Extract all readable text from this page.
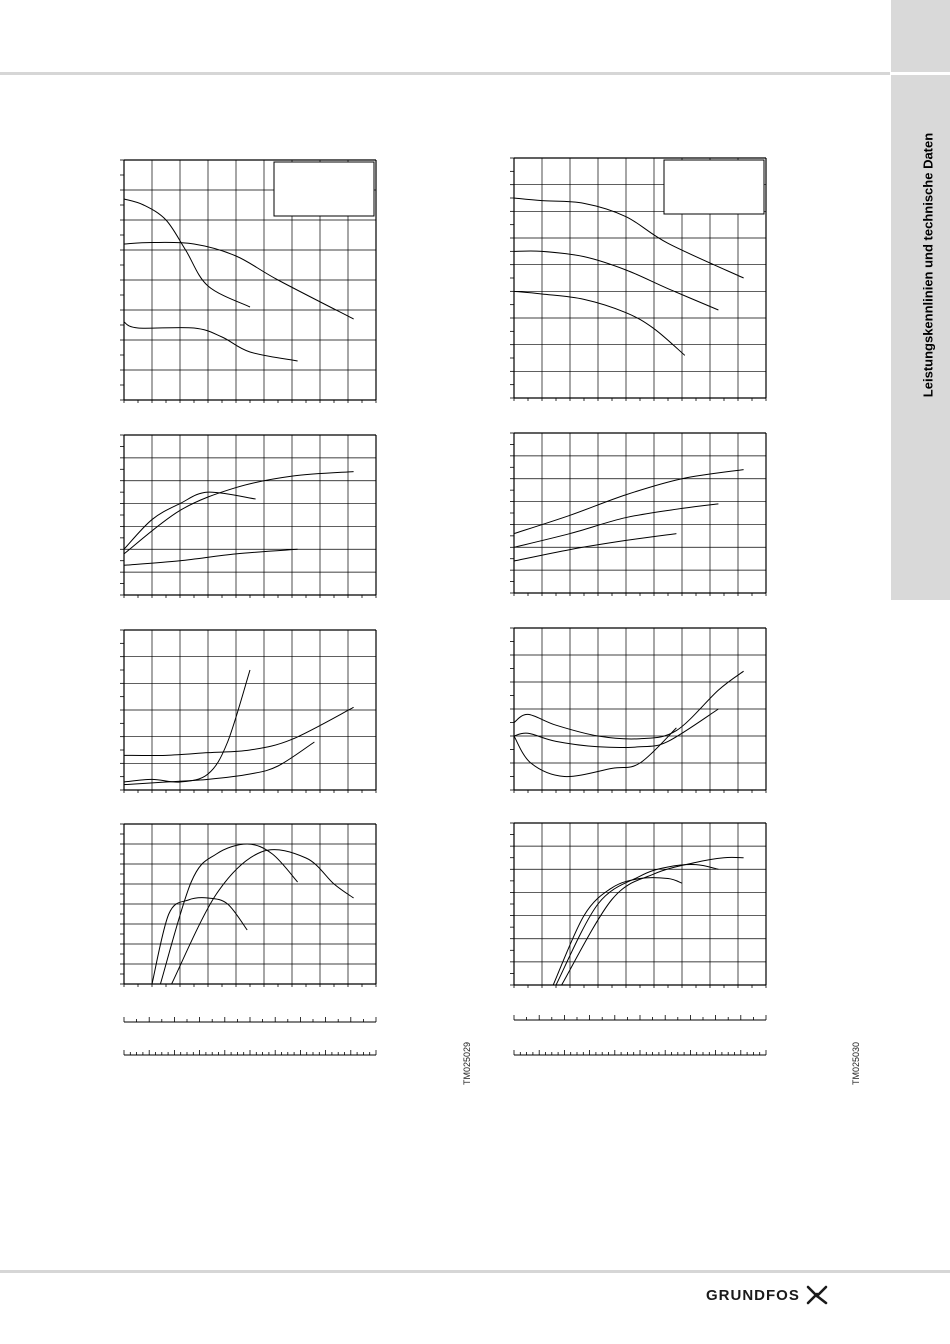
Leistungskennlinien und technische Daten
TM025029	TM025030
GRUNDFOS
